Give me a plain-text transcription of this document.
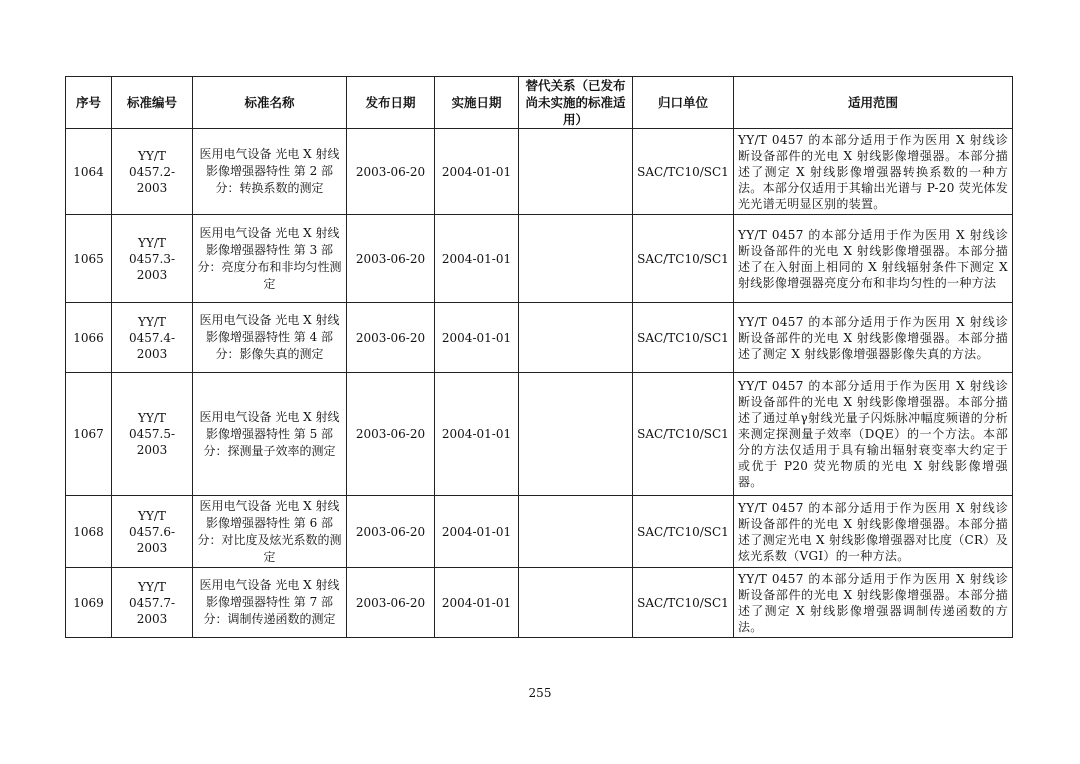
序号	标准编号	标准名称	发布日期	实施日期	替代关系（已发布尚未实施的标准适用）	归口单位	适用范围
1064	YY/T 0457.2-2003	医用电气设备 光电 X 射线影像增强器特性 第 2 部分：转换系数的测定	2003-06-20	2004-01-01		SAC/TC10/SC1	YY/T 0457 的本部分适用于作为医用 X 射线诊断设备部件的光电 X 射线影像增强器。本部分描述了测定 X 射线影像增强器转换系数的一种方法。本部分仅适用于其输出光谱与 P-20 荧光体发光光谱无明显区别的装置。
1065	YY/T 0457.3-2003	医用电气设备 光电 X 射线影像增强器特性 第 3 部分：亮度分布和非均匀性测定	2003-06-20	2004-01-01		SAC/TC10/SC1	YY/T 0457 的本部分适用于作为医用 X 射线诊断设备部件的光电 X 射线影像增强器。本部分描述了在入射面上相同的 X 射线辐射条件下测定 X 射线影像增强器亮度分布和非均匀性的一种方法
1066	YY/T 0457.4-2003	医用电气设备 光电 X 射线影像增强器特性 第 4 部分：影像失真的测定	2003-06-20	2004-01-01		SAC/TC10/SC1	YY/T 0457 的本部分适用于作为医用 X 射线诊断设备部件的光电 X 射线影像增强器。本部分描述了测定 X 射线影像增强器影像失真的方法。
1067	YY/T 0457.5-2003	医用电气设备 光电 X 射线影像增强器特性 第 5 部分：探测量子效率的测定	2003-06-20	2004-01-01		SAC/TC10/SC1	YY/T 0457 的本部分适用于作为医用 X 射线诊断设备部件的光电 X 射线影像增强器。本部分描述了通过单γ射线光量子闪烁脉冲幅度频谱的分析来测定探测量子效率（DQE）的一个方法。本部分的方法仅适用于具有输出辐射衰变率大约定于或优于 P20 荧光物质的光电 X 射线影像增强器。
1068	YY/T 0457.6-2003	医用电气设备 光电 X 射线影像增强器特性 第 6 部分：对比度及炫光系数的测定	2003-06-20	2004-01-01		SAC/TC10/SC1	YY/T 0457 的本部分适用于作为医用 X 射线诊断设备部件的光电 X 射线影像增强器。本部分描述了测定光电 X 射线影像增强器对比度（CR）及炫光系数（VGI）的一种方法。
1069	YY/T 0457.7-2003	医用电气设备 光电 X 射线影像增强器特性 第 7 部分：调制传递函数的测定	2003-06-20	2004-01-01		SAC/TC10/SC1	YY/T 0457 的本部分适用于作为医用 X 射线诊断设备部件的光电 X 射线影像增强器。本部分描述了测定 X 射线影像增强器调制传递函数的方法。
255
